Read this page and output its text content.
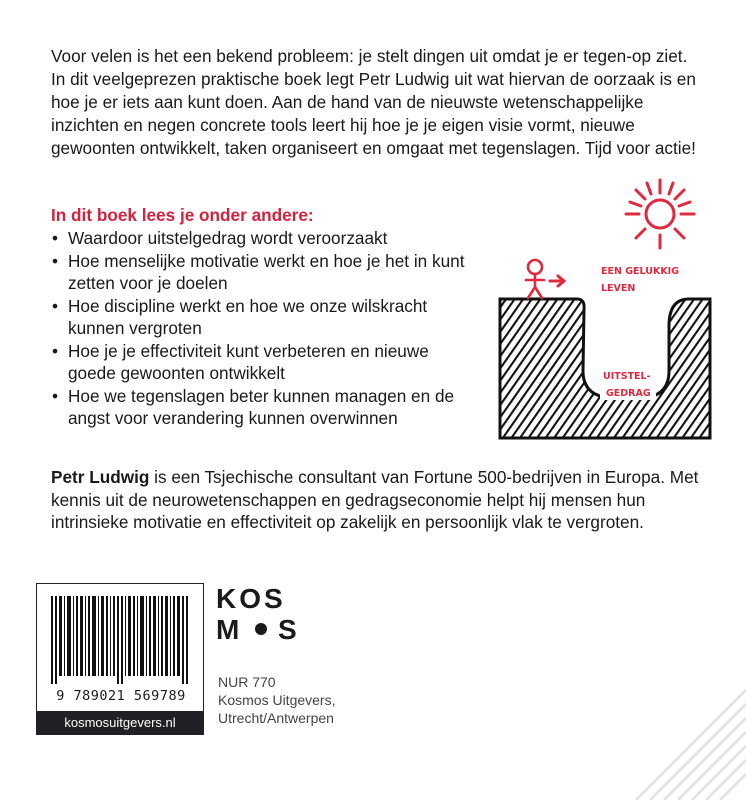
Voor velen is het een bekend probleem: je stelt dingen uit omdat je er tegen-op ziet. In dit veelgeprezen praktische boek legt Petr Ludwig uit wat hiervan de oorzaak is en hoe je er iets aan kunt doen. Aan de hand van de nieuwste wetenschappelijke inzichten en negen concrete tools leert hij hoe je je eigen visie vormt, nieuwe gewoonten ontwikkelt, taken organiseert en omgaat met tegenslagen. Tijd voor actie!

In dit boek lees je onder andere:
• Waardoor uitstelgedrag wordt veroorzaakt
• Hoe menselijke motivatie werkt en hoe je het in kunt zetten voor je doelen
• Hoe discipline werkt en hoe we onze wilskracht kunnen vergroten
• Hoe je je effectiviteit kunt verbeteren en nieuwe goede gewoonten ontwikkelt
• Hoe we tegenslagen beter kunnen managen en de angst voor verandering kunnen overwinnen
EEN GELUKKIG
LEVEN
UITSTEL-
GEDRAG

Petr Ludwig is een Tsjechische consultant van Fortune 500-bedrijven in Europa. Met kennis uit de neurowetenschappen en gedragseconomie helpt hij mensen hun intrinsieke motivatie en effectiviteit op zakelijk en persoonlijk vlak te vergroten.

9 789021 569789
kosmosuitgevers.nl
KOS
M S
NUR 770
Kosmos Uitgevers,
Utrecht/Antwerpen
